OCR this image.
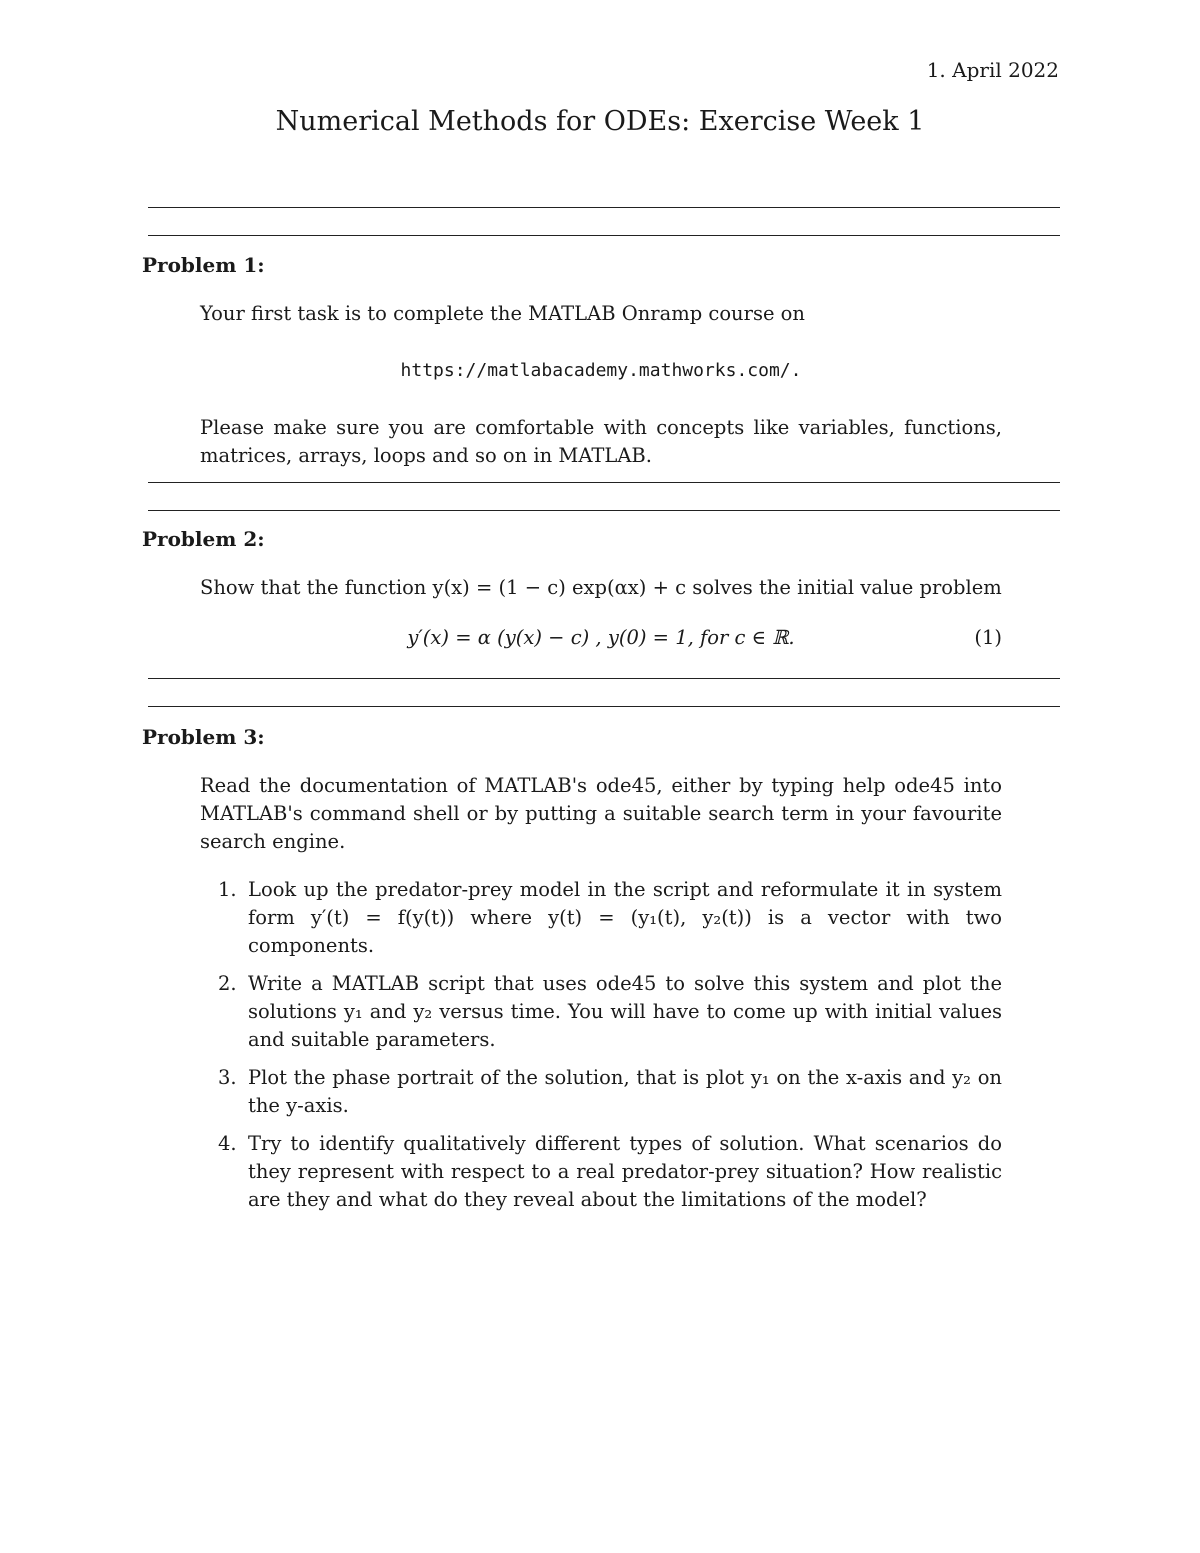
1. April 2022
Numerical Methods for ODEs: Exercise Week 1
Problem 1:
Your first task is to complete the MATLAB Onramp course on
https://matlabacademy.mathworks.com/.
Please make sure you are comfortable with concepts like variables, functions, matrices, arrays, loops and so on in MATLAB.
Problem 2:
Show that the function y(x) = (1 − c) exp(αx) + c solves the initial value problem
y′(x) = α (y(x) − c) , y(0) = 1, for c ∈ ℝ.	(1)
Problem 3:
Read the documentation of MATLAB's ode45, either by typing help ode45 into MATLAB's command shell or by putting a suitable search term in your favourite search engine.
1. Look up the predator-prey model in the script and reformulate it in system form y′(t) = f(y(t)) where y(t) = (y₁(t), y₂(t)) is a vector with two components.
2. Write a MATLAB script that uses ode45 to solve this system and plot the solutions y₁ and y₂ versus time. You will have to come up with initial values and suitable parameters.
3. Plot the phase portrait of the solution, that is plot y₁ on the x-axis and y₂ on the y-axis.
4. Try to identify qualitatively different types of solution. What scenarios do they represent with respect to a real predator-prey situation? How realistic are they and what do they reveal about the limitations of the model?
